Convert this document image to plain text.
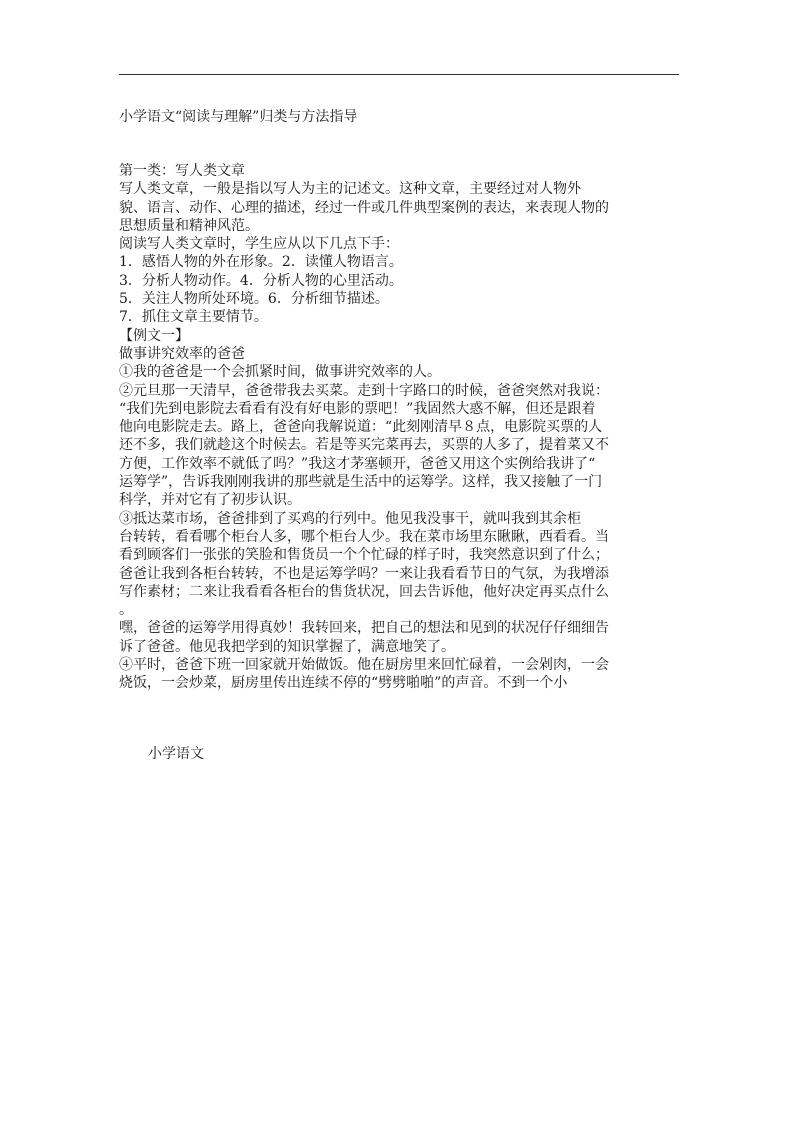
小学语文“阅读与理解”归类与方法指导
第一类：写人类文章
写人类文章，一般是指以写人为主的记述文。这种文章，主要经过对人物外
貌、语言、动作、心理的描述，经过一件或几件典型案例的表达，来表现人物的
思想质量和精神风范。
阅读写人类文章时，学生应从以下几点下手：
1．感悟人物的外在形象。2．读懂人物语言。
3．分析人物动作。4．分析人物的心里活动。
5．关注人物所处环境。6．分析细节描述。
7．抓住文章主要情节。
【例文一】
做事讲究效率的爸爸
①我的爸爸是一个会抓紧时间，做事讲究效率的人。
②元旦那一天清早，爸爸带我去买菜。走到十字路口的时候，爸爸突然对我说：
“我们先到电影院去看看有没有好电影的票吧！”我固然大惑不解，但还是跟着
他向电影院走去。路上，爸爸向我解说道：“此刻刚清早８点，电影院买票的人
还不多，我们就趁这个时候去。若是等买完菜再去，买票的人多了，提着菜又不
方便，工作效率不就低了吗？”我这才茅塞顿开，爸爸又用这个实例给我讲了“
运筹学”，告诉我刚刚我讲的那些就是生活中的运筹学。这样，我又接触了一门
科学，并对它有了初步认识。
③抵达菜市场，爸爸排到了买鸡的行列中。他见我没事干，就叫我到其余柜
台转转，看看哪个柜台人多，哪个柜台人少。我在菜市场里东瞅瞅，西看看。当
看到顾客们一张张的笑脸和售货员一个个忙碌的样子时，我突然意识到了什么；
爸爸让我到各柜台转转，不也是运筹学吗？一来让我看看节日的气氛，为我增添
写作素材；二来让我看看各柜台的售货状况，回去告诉他，他好决定再买点什么
。
嘿，爸爸的运筹学用得真妙！我转回来，把自己的想法和见到的状况仔仔细细告
诉了爸爸。他见我把学到的知识掌握了，满意地笑了。
④平时，爸爸下班一回家就开始做饭。他在厨房里来回忙碌着，一会剁肉，一会
烧饭，一会炒菜，厨房里传出连续不停的“劈劈啪啪”的声音。不到一个小
小学语文
